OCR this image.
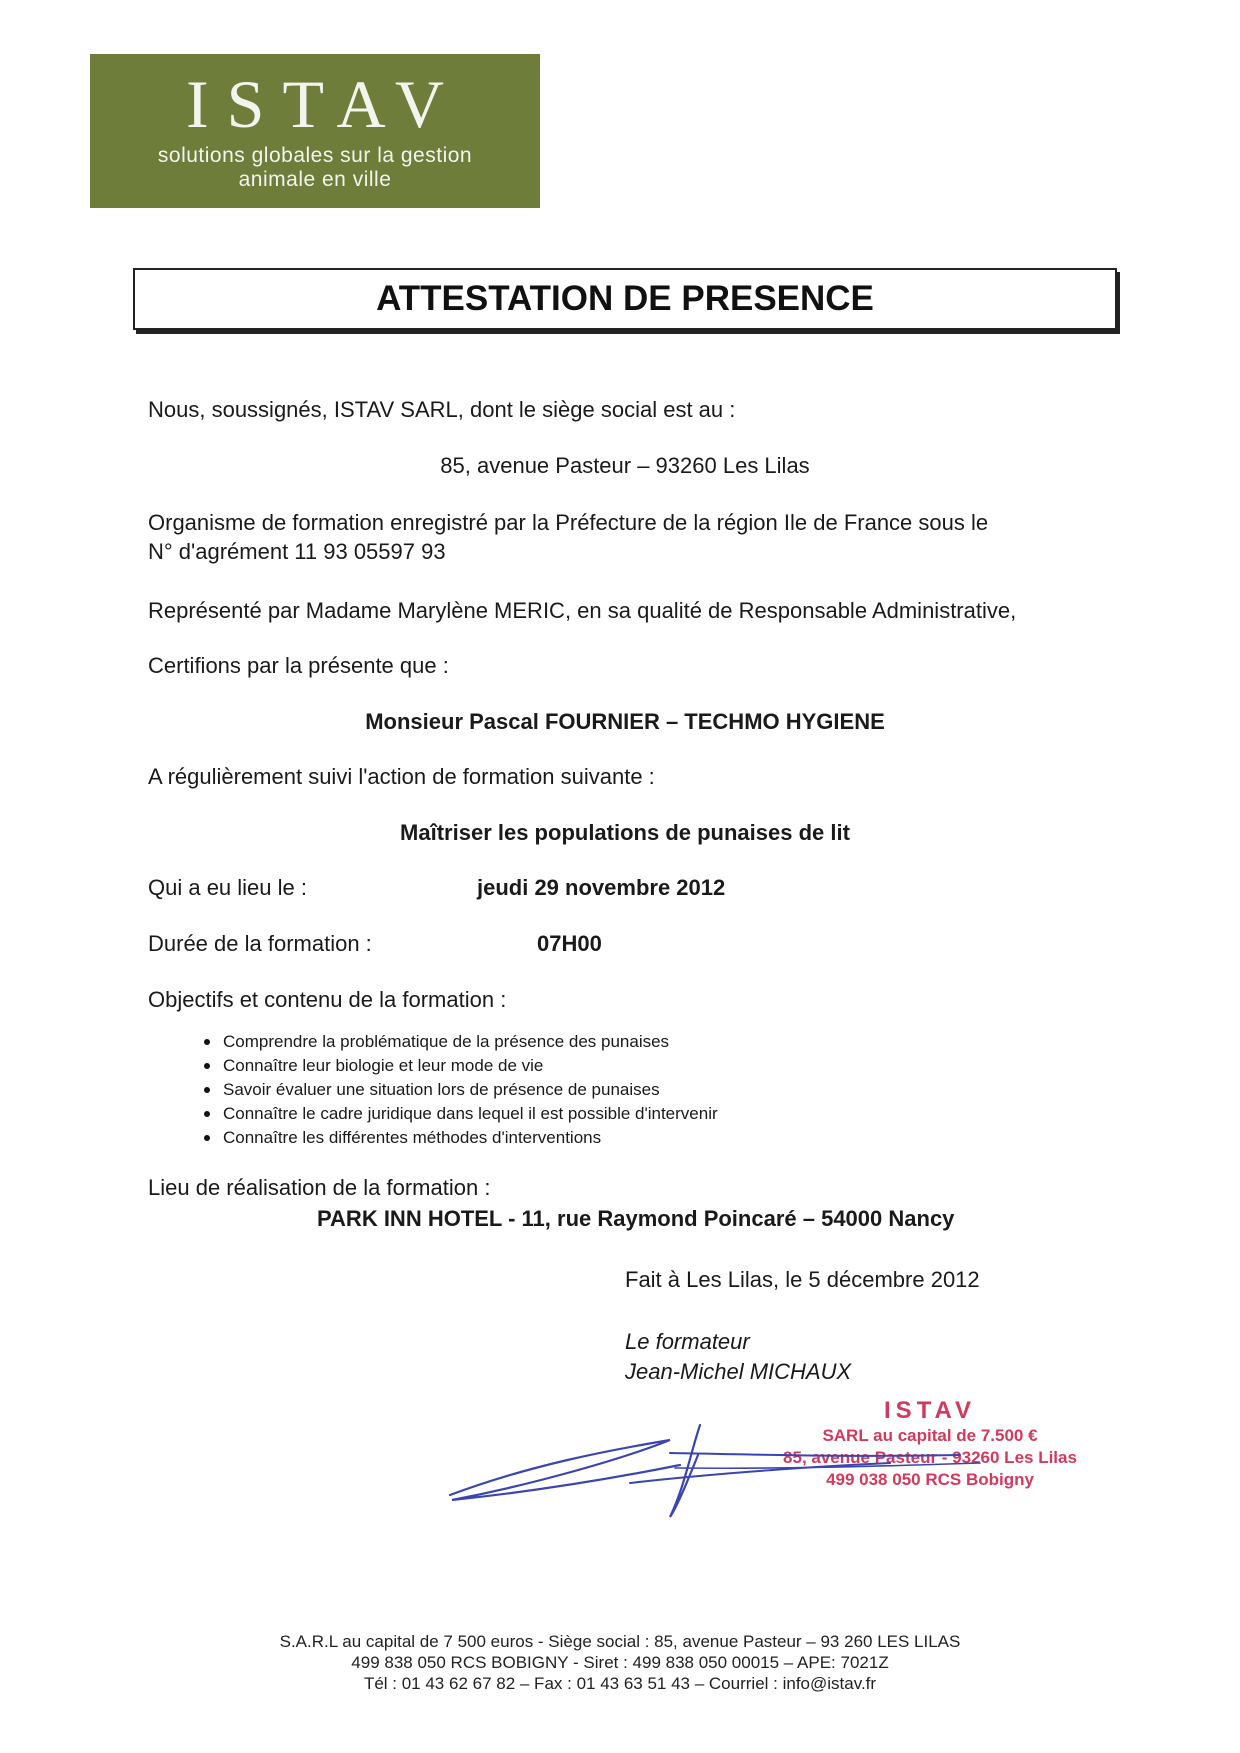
ISTAV
solutions globales sur la gestion
animale en ville
ATTESTATION DE PRESENCE
Nous, soussignés, ISTAV SARL, dont le siège social est au :
85, avenue Pasteur – 93260 Les Lilas
Organisme de formation enregistré par la Préfecture de la région Ile de France sous le
N° d'agrément 11 93 05597 93
Représenté par Madame Marylène MERIC, en sa qualité de Responsable Administrative,
Certifions par la présente que :
Monsieur Pascal FOURNIER – TECHMO HYGIENE
A régulièrement suivi l'action de formation suivante :
Maîtriser les populations de punaises de lit
Qui a eu lieu le :	jeudi 29 novembre 2012
Durée de la formation :	07H00
Objectifs et contenu de la formation :
Comprendre la problématique de la présence des punaises
Connaître leur biologie et leur mode de vie
Savoir évaluer une situation lors de présence de punaises
Connaître le cadre juridique dans lequel il est possible d'intervenir
Connaître les différentes méthodes d'interventions
Lieu de réalisation de la formation :
PARK INN HOTEL - 11, rue Raymond Poincaré – 54000 Nancy
Fait à Les Lilas, le 5 décembre 2012
Le formateur
Jean-Michel MICHAUX
ISTAV
SARL au capital de 7.500 €
85, avenue Pasteur - 93260 Les Lilas
499 038 050 RCS Bobigny
S.A.R.L au capital de 7 500 euros - Siège social : 85, avenue Pasteur – 93 260 LES LILAS
499 838 050 RCS BOBIGNY - Siret : 499 838 050 00015 – APE: 7021Z
Tél : 01 43 62 67 82 – Fax : 01 43 63 51 43 – Courriel : info@istav.fr
